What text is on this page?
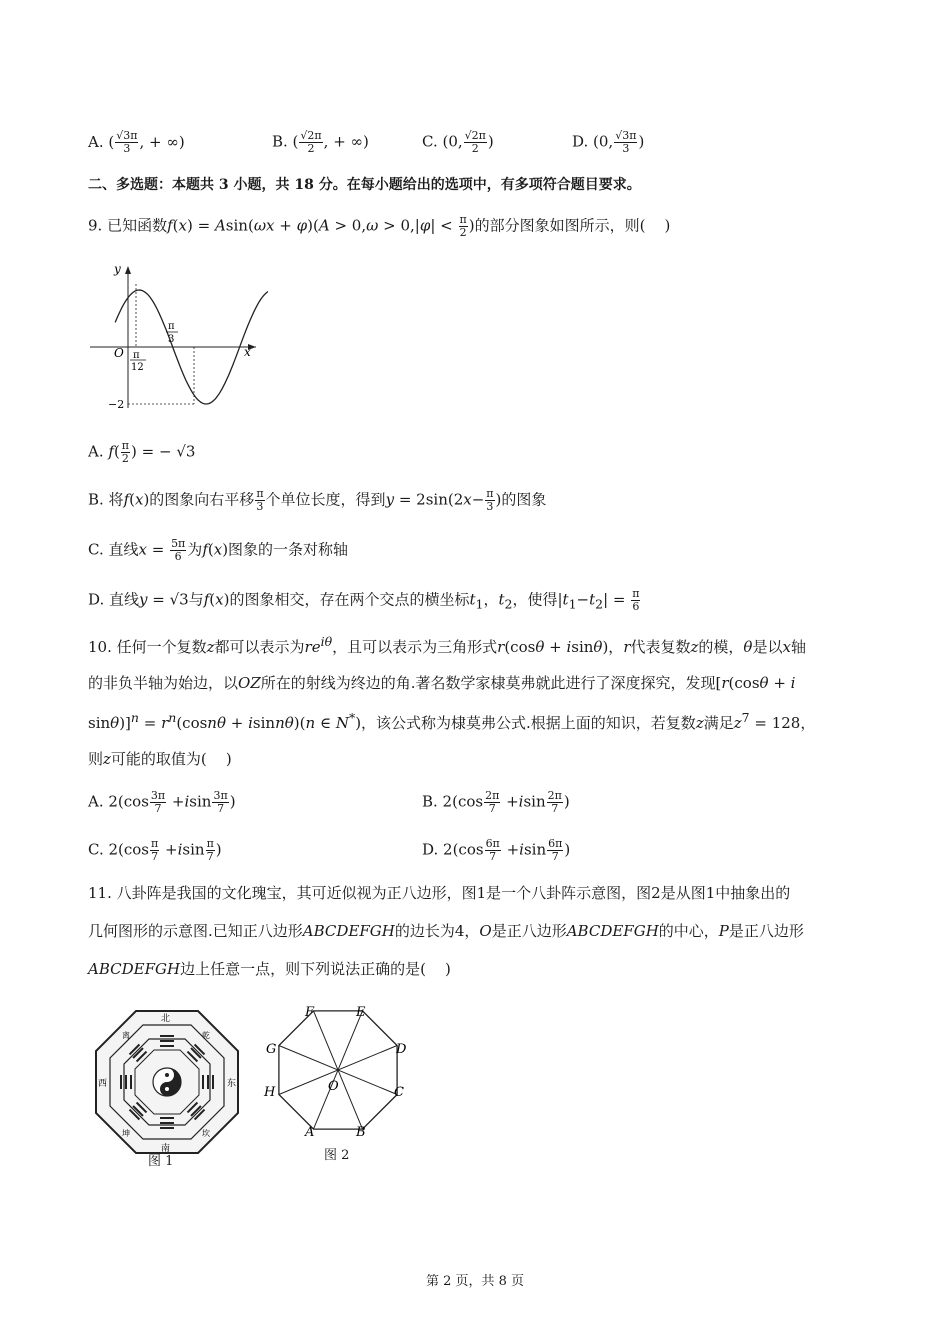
A. ( $\frac{√3\pi}{3}$ , + ∞)	B. ( $\frac{√2\pi}{2}$ , + ∞)	C. (0, $\frac{√2\pi}{2}$ )	D. (0, $\frac{√3\pi}{3}$ )
二、多选题：本题共 3 小题，共 18 分。在每小题给出的选项中，有多项符合题目要求。
9. 已知函数$f(x) = Asin(\omega x + \varphi)(A > 0,\omega > 0,|\varphi| < \frac{\pi}{2}$ )的部分图象如图所示，则(    )
y
x
O π
12
π
3
−2
A. $f( \frac{\pi}{2}$ ) = − √3
B. 将f(x)的图象向右平移 $\frac{\pi}{3}$ 个单位长度，得到$y = 2\sin(2x- \frac{\pi}{3}$ )的图象
C. 直线$x = \frac{5\pi}{6}$ 为f(x)图象的一条对称轴
D. 直线y = √3与f(x)的图象相交，存在两个交点的横坐标$t_1$，$t_2$，使得$|t_1-t_2| = \frac{\pi}{6}$
10. 任何一个复数z都可以表示为$re^{i\theta}$，且可以表示为三角形式r(cosθ + isinθ)，r代表复数z的模，θ是以x轴
的非负半轴为始边，以OZ所在的射线为终边的角.著名数学家棣莫弗就此进行了深度探究，发现[r(cosθ + i
$\sin\theta)]^n = r^n(\cos n\theta + isinn\theta)(n$ ∈ N*)，该公式称为棣莫弗公式.根据上面的知识，若复数z满足$z^7 = 128$，
则z可能的取值为(    )
A. $2(\cos \frac{3\pi}{7} +isin \frac{3\pi}{7}$ )	B. $2(\cos \frac{2\pi}{7} +isin \frac{2\pi}{7}$ )
C. $2(\cos \frac{\pi}{7} +isin \frac{\pi}{7}$ )	D. $2(\cos \frac{6\pi}{7} +isin \frac{6\pi}{7}$ )
11. 八卦阵是我国的文化瑰宝，其可近似视为正八边形，图1是一个八卦阵示意图，图2是从图1中抽象出的
几何图形的示意图.已知正八边形ABCDEFGH的边长为4，O是正八边形ABCDEFGH的中心，P是正八边形
ABCDEFGH边上任意一点，则下列说法正确的是(    )
北
南
东
西
乾
坤
离
坎
图 1
F	E
G	D
H	C
A	B
O
图 2
第 2 页，共 8 页
